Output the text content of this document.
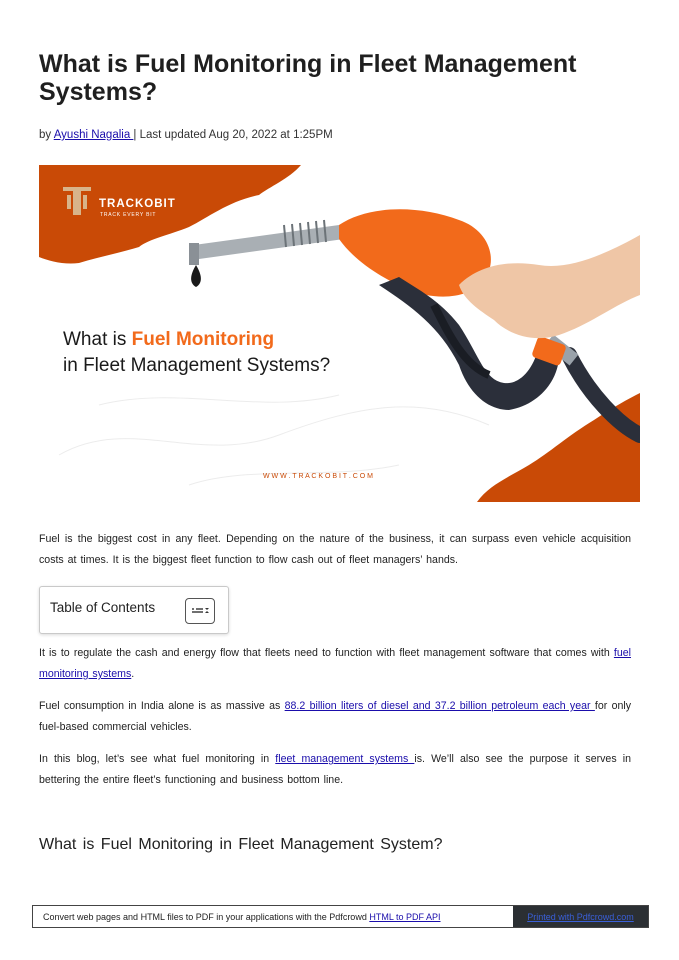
What is Fuel Monitoring in Fleet Management Systems?
by Ayushi Nagalia | Last updated Aug 20, 2022 at 1:25PM
TRACKOBIT
TRACK EVERY BIT
What is Fuel Monitoring
in Fleet Management Systems?
W W W . T R A C K O B I T . C O M
Fuel is the biggest cost in any fleet. Depending on the nature of the business, it can surpass even vehicle acquisition costs at times. It is the biggest fleet function to flow cash out of fleet managers’ hands.
Table of Contents
It is to regulate the cash and energy flow that fleets need to function with fleet management software that comes with fuel monitoring systems.
Fuel consumption in India alone is as massive as 88.2 billion liters of diesel and 37.2 billion petroleum each year for only fuel-based commercial vehicles.
In this blog, let’s see what fuel monitoring in fleet management systems is. We’ll also see the purpose it serves in bettering the entire fleet’s functioning and business bottom line.
What is Fuel Monitoring in Fleet Management System?
Convert web pages and HTML files to PDF in your applications with the Pdfcrowd HTML to PDF API	Printed with Pdfcrowd.com
